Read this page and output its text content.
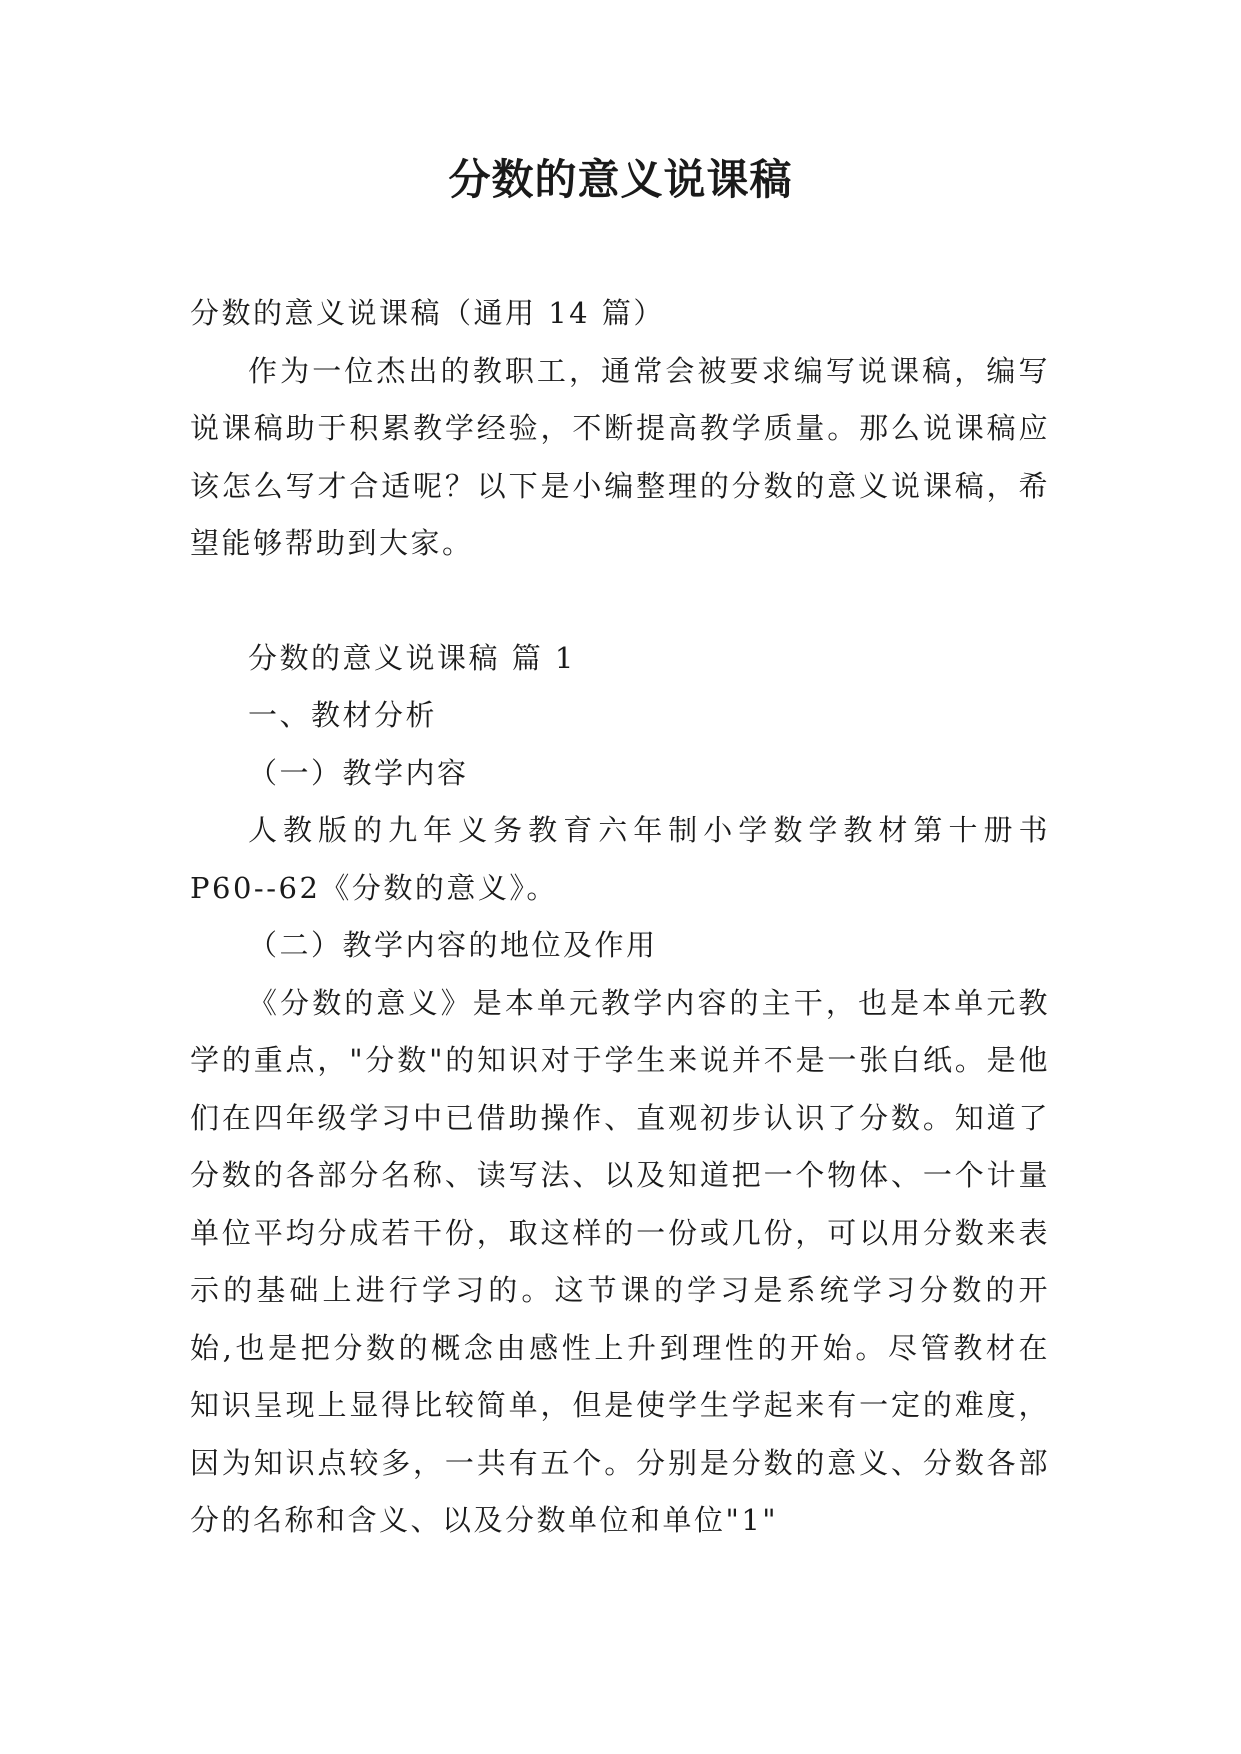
分数的意义说课稿

分数的意义说课稿（通用 14 篇）

作为一位杰出的教职工，通常会被要求编写说课稿，编写说课稿助于积累教学经验，不断提高教学质量。那么说课稿应该怎么写才合适呢？以下是小编整理的分数的意义说课稿，希望能够帮助到大家。

分数的意义说课稿 篇 1

一、教材分析

（一）教学内容

人教版的九年义务教育六年制小学数学教材第十册书 P60--62《分数的意义》。

（二）教学内容的地位及作用

《分数的意义》是本单元教学内容的主干，也是本单元教学的重点，"分数"的知识对于学生来说并不是一张白纸。是他们在四年级学习中已借助操作、直观初步认识了分数。知道了分数的各部分名称、读写法、以及知道把一个物体、一个计量单位平均分成若干份，取这样的一份或几份，可以用分数来表示的基础上进行学习的。这节课的学习是系统学习分数的开始,也是把分数的概念由感性上升到理性的开始。尽管教材在知识呈现上显得比较简单，但是使学生学起来有一定的难度，因为知识点较多，一共有五个。分别是分数的意义、分数各部分的名称和含义、以及分数单位和单位"1"
